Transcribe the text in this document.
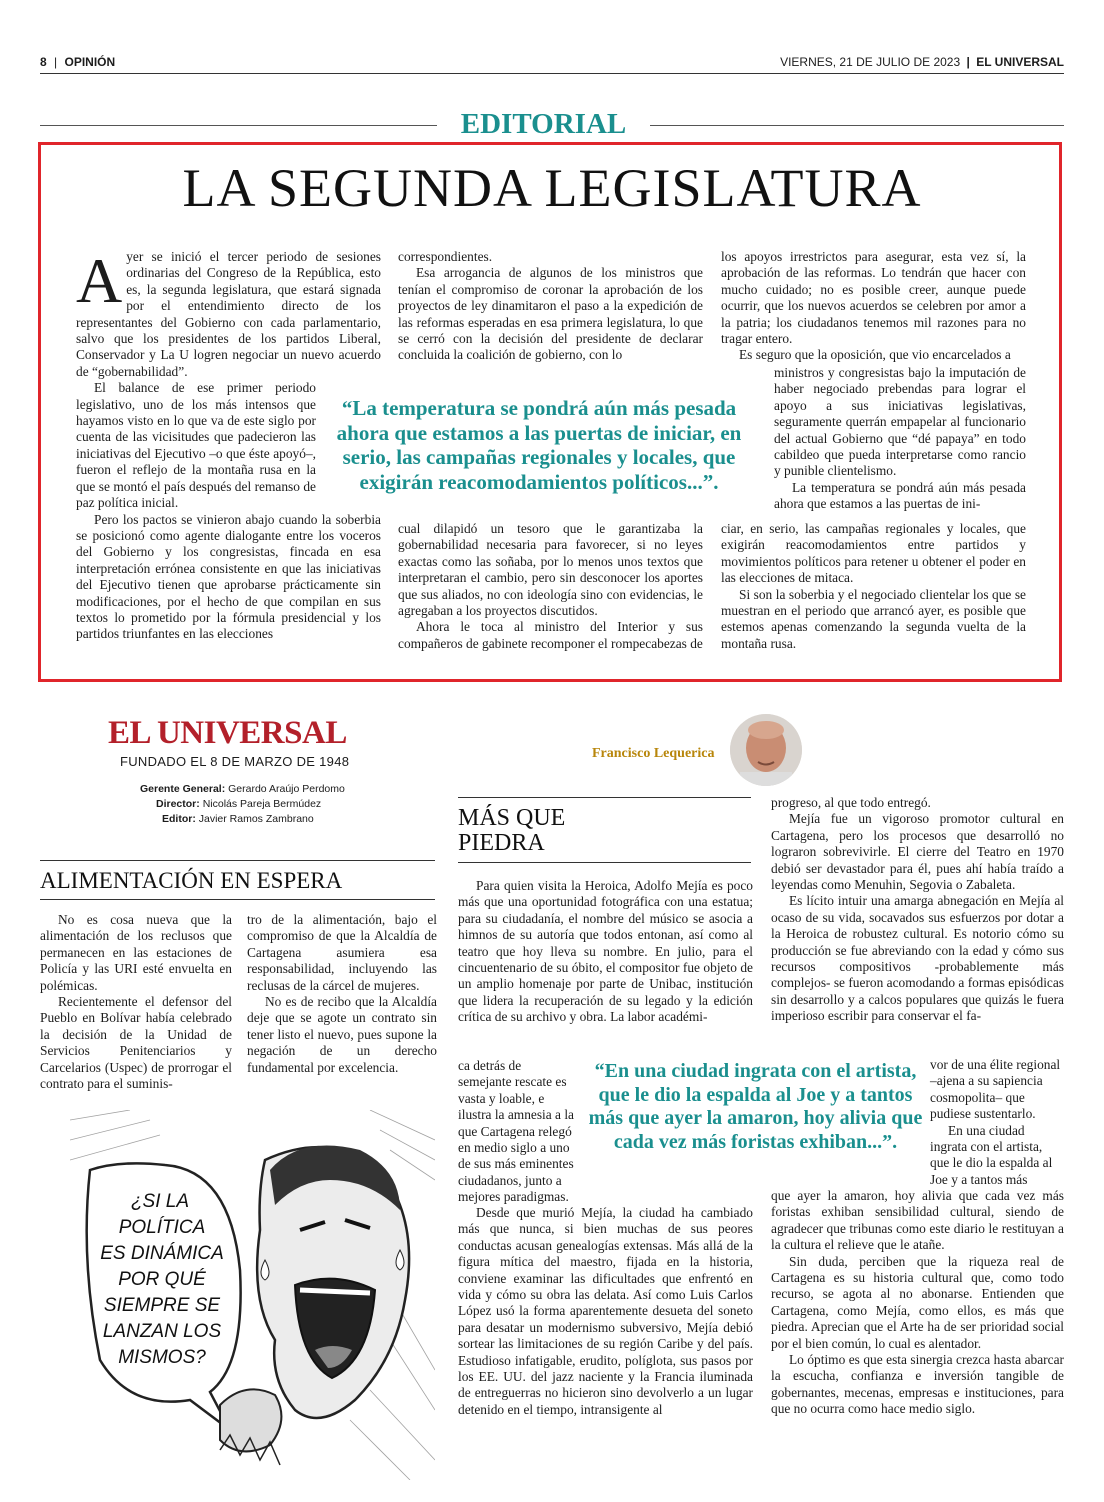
8 | OPINIÓN	VIERNES, 21 DE JULIO DE 2023 | EL UNIVERSAL
EDITORIAL
LA SEGUNDA LEGISLATURA

Ayer se inició el tercer periodo de sesiones ordinarias del Congreso de la República, esto es, la segunda legislatura, que estará signada por el entendimiento directo de los representantes del Gobierno con cada parlamentario, salvo que los presidentes de los partidos Liberal, Conservador y La U logren negociar un nuevo acuerdo de “gobernabilidad”.

El balance de ese primer periodo legislativo, uno de los más intensos que hayamos visto en lo que va de este siglo por cuenta de las vicisitudes que padecieron las iniciativas del Ejecutivo –o que éste apoyó–, fueron el reflejo de la montaña rusa en la que se montó el país después del remanso de paz política inicial.

Pero los pactos se vinieron abajo cuando la soberbia se posicionó como agente dialogante entre los voceros del Gobierno y los congresistas, fincada en esa interpretación errónea consistente en que las iniciativas del Ejecutivo tienen que aprobarse prácticamente sin modificaciones, por el hecho de que compilan en sus textos lo prometido por la fórmula presidencial y los partidos triunfantes en las elecciones

correspondientes.

Esa arrogancia de algunos de los ministros que tenían el compromiso de coronar la aprobación de los proyectos de ley dinamitaron el paso a la expedición de las reformas esperadas en esa primera legislatura, lo que se cerró con la decisión del presidente de declarar concluida la coalición de gobierno, con lo

cual dilapidó un tesoro que le garantizaba la gobernabilidad necesaria para favorecer, si no leyes exactas como las soñaba, por lo menos unos textos que interpretaran el cambio, pero sin desconocer los aportes que sus aliados, no con ideología sino con evidencias, le agregaban a los proyectos discutidos.

Ahora le toca al ministro del Interior y sus compañeros de gabinete recomponer el rompecabezas de

los apoyos irrestrictos para asegurar, esta vez sí, la aprobación de las reformas. Lo tendrán que hacer con mucho cuidado; no es posible creer, aunque puede ocurrir, que los nuevos acuerdos se celebren por amor a la patria; los ciudadanos tenemos mil razones para no tragar entero.

Es seguro que la oposición, que vio encarcelados a

ministros y congresistas bajo la imputación de haber negociado prebendas para lograr el apoyo a sus iniciativas legislativas, seguramente querrán empapelar al funcionario del actual Gobierno que “dé papaya” en todo cabildeo que pueda interpretarse como rancio y punible clientelismo.

La temperatura se pondrá aún más pesada ahora que estamos a las puertas de ini-

ciar, en serio, las campañas regionales y locales, que exigirán reacomodamientos entre partidos y movimientos políticos para retener u obtener el poder en las elecciones de mitaca.

Si son la soberbia y el negociado clientelar los que se muestran en el periodo que arrancó ayer, es posible que estemos apenas comenzando la segunda vuelta de la montaña rusa.

“La temperatura se pondrá aún más pesada ahora que estamos a las puertas de iniciar, en serio, las campañas regionales y locales, que exigirán reacomodamientos políticos...”.
EL UNIVERSAL
FUNDADO EL 8 DE MARZO DE 1948
Gerente General: Gerardo Araújo Perdomo
Director: Nicolás Pareja Bermúdez
Editor: Javier Ramos Zambrano
ALIMENTACIÓN EN ESPERA

No es cosa nueva que la alimentación de los reclusos que permanecen en las estaciones de Policía y las URI esté envuelta en polémicas.

Recientemente el defensor del Pueblo en Bolívar había celebrado la decisión de la Unidad de Servicios Penitenciarios y Carcelarios (Uspec) de prorrogar el contrato para el suminis-

tro de la alimentación, bajo el compromiso de que la Alcaldía de Cartagena asumiera esa responsabilidad, incluyendo las reclusas de la cárcel de mujeres.

No es de recibo que la Alcaldía deje que se agote un contrato sin tener listo el nuevo, pues supone la negación de un derecho fundamental por excelencia.

¿SI LA
POLÍTICA
ES DINÁMICA
POR QUÉ
SIEMPRE SE
LANZAN LOS
MISMOS?
Francisco Lequerica
MÁS QUE
PIEDRA

Para quien visita la Heroica, Adolfo Mejía es poco más que una oportunidad fotográfica con una estatua; para su ciudadanía, el nombre del músico se asocia a himnos de su autoría que todos entonan, así como al teatro que hoy lleva su nombre. En julio, para el cincuentenario de su óbito, el compositor fue objeto de un amplio homenaje por parte de Unibac, institución que lidera la recuperación de su legado y la edición crítica de su archivo y obra. La labor académi-

ca detrás de semejante rescate es vasta y loable, e ilustra la amnesia a la que Cartagena relegó en medio siglo a uno de sus más eminentes ciudadanos, junto a mejores paradigmas.

Desde que murió Mejía, la ciudad ha cambiado más que nunca, si bien muchas de sus peores conductas acusan genealogías extensas. Más allá de la figura mítica del maestro, fijada en la historia, conviene examinar las dificultades que enfrentó en vida y cómo su obra las delata. Así como Luis Carlos López usó la forma aparentemente desueta del soneto para desatar un modernismo subversivo, Mejía debió sortear las limitaciones de su región Caribe y del país. Estudioso infatigable, erudito, políglota, sus pasos por los EE. UU. del jazz naciente y la Francia iluminada de entreguerras no hicieron sino devolverlo a un lugar detenido en el tiempo, intransigente al

progreso, al que todo entregó.

Mejía fue un vigoroso promotor cultural en Cartagena, pero los procesos que desarrolló no lograron sobrevivirle. El cierre del Teatro en 1970 debió ser devastador para él, pues ahí había traído a leyendas como Menuhin, Segovia o Zabaleta.

Es lícito intuir una amarga abnegación en Mejía al ocaso de su vida, socavados sus esfuerzos por dotar a la Heroica de robustez cultural. Es notorio cómo su producción se fue abreviando con la edad y cómo sus recursos compositivos -probablemente más complejos- se fueron acomodando a formas episódicas sin desarrollo y a calcos populares que quizás le fuera imperioso escribir para conservar el fa-

vor de una élite regional –ajena a su sapiencia cosmopolita– que pudiese sustentarlo.

En una ciudad ingrata con el artista, que le dio la espalda al Joe y a tantos más

que ayer la amaron, hoy alivia que cada vez más foristas exhiban sensibilidad cultural, siendo de agradecer que tribunas como este diario le restituyan a la cultura el relieve que le atañe.

Sin duda, perciben que la riqueza real de Cartagena es su historia cultural que, como todo recurso, se agota al no abonarse. Entienden que Cartagena, como Mejía, como ellos, es más que piedra. Aprecian que el Arte ha de ser prioridad social por el bien común, lo cual es alentador.

Lo óptimo es que esta sinergia crezca hasta abarcar la escucha, confianza e inversión tangible de gobernantes, mecenas, empresas e instituciones, para que no ocurra como hace medio siglo.

“En una ciudad ingrata con el artista, que le dio la espalda al Joe y a tantos más que ayer la amaron, hoy alivia que cada vez más foristas exhiban...”.
